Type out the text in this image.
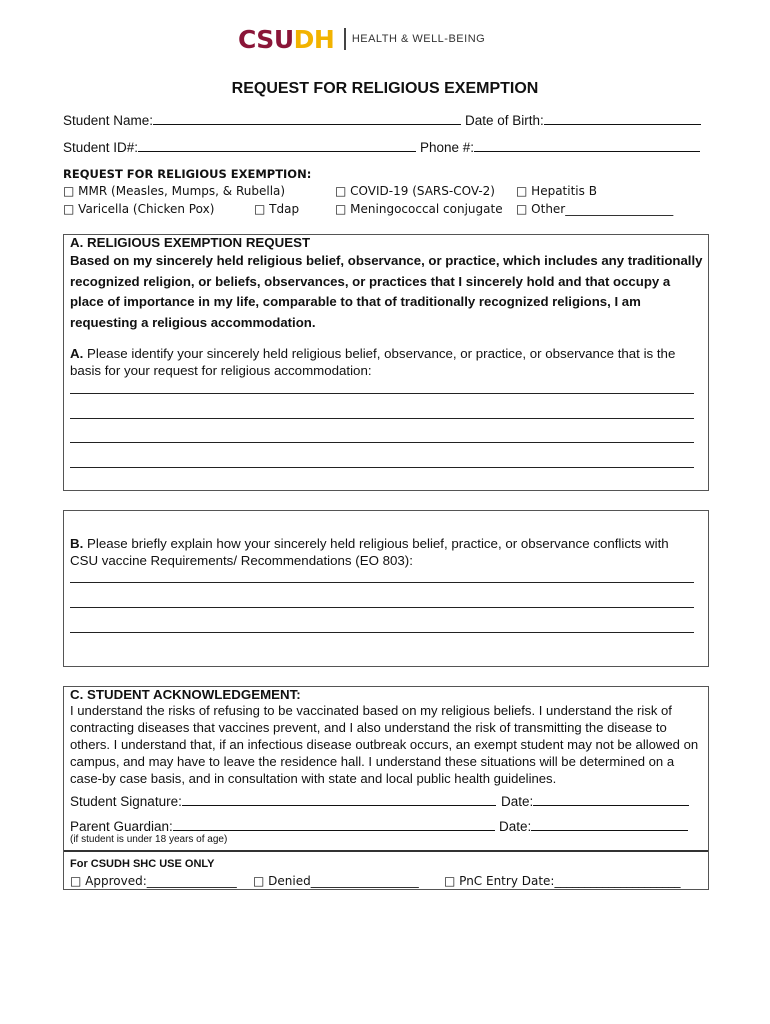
CSU DH HEALTH & WELL-BEING
REQUEST FOR RELIGIOUS EXEMPTION
Student Name:	Date of Birth:
Student ID#:	Phone #:
REQUEST FOR RELIGIOUS EXEMPTION:
□ MMR (Measles, Mumps, & Rubella)	□ COVID-19 (SARS-COV-2) □ Hepatitis B
□ Varicella (Chicken Pox)	□ Tdap	□ Meningococcal conjugate □ Other__________________
A. RELIGIOUS EXEMPTION REQUEST
Based on my sincerely held religious belief, observance, or practice, which includes any traditionally recognized religion, or beliefs, observances, or practices that I sincerely hold and that occupy a place of importance in my life, comparable to that of traditionally recognized religions, I am requesting a religious accommodation.
A. Please identify your sincerely held religious belief, observance, or practice, or observance that is the basis for your request for religious accommodation:
B. Please briefly explain how your sincerely held religious belief, practice, or observance conflicts with CSU vaccine Requirements/ Recommendations (EO 803):
C. STUDENT ACKNOWLEDGEMENT:
I understand the risks of refusing to be vaccinated based on my religious beliefs. I understand the risk of contracting diseases that vaccines prevent, and I also understand the risk of transmitting the disease to others. I understand that, if an infectious disease outbreak occurs, an exempt student may not be allowed on campus, and may have to leave the residence hall. I understand these situations will be determined on a case-by case basis, and in consultation with state and local public health guidelines.
Student Signature:	Date:
Parent Guardian:	Date:
(if student is under 18 years of age)
For CSUDH SHC USE ONLY
□ Approved:_______________ □ Denied__________________ □ PnC Entry Date:_____________________
